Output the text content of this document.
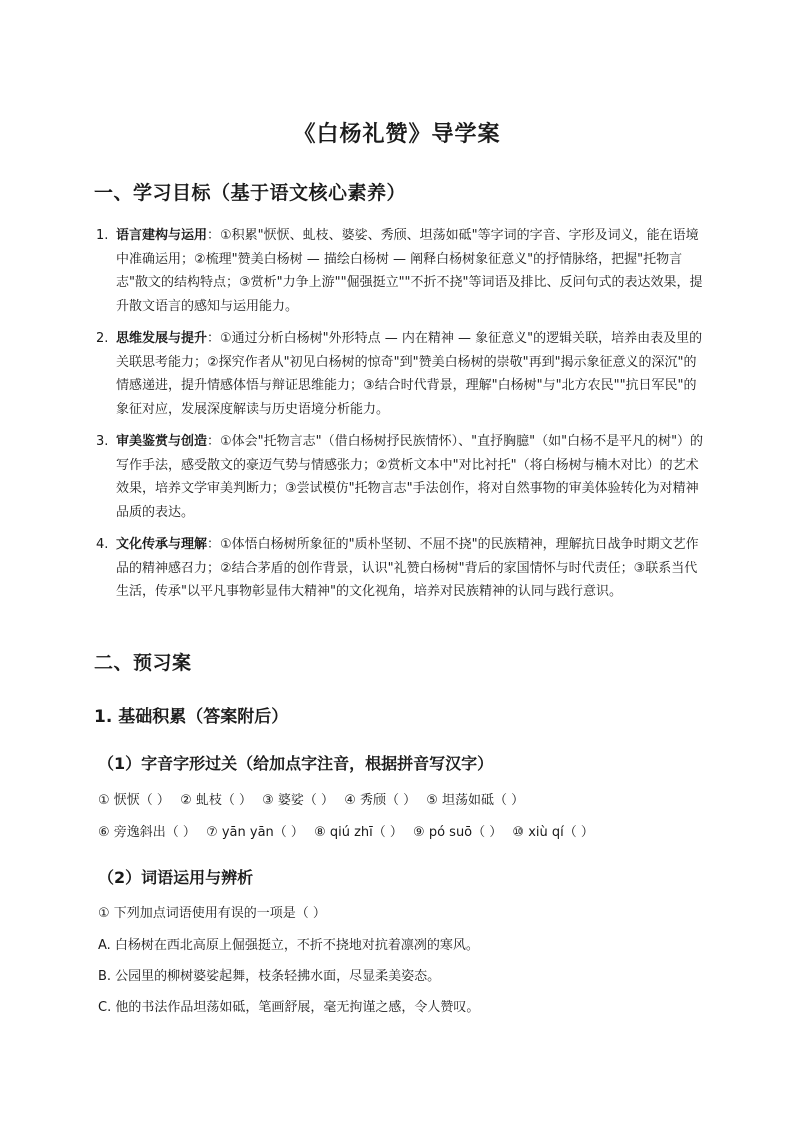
《白杨礼赞》导学案
一、学习目标（基于语文核心素养）
1. 语言建构与运用：①积累"恹恹、虬枝、婆娑、秀颀、坦荡如砥"等字词的字音、字形及词义，能在语境中准确运用；②梳理"赞美白杨树 — 描绘白杨树 — 阐释白杨树象征意义"的抒情脉络，把握"托物言志"散文的结构特点；③赏析"力争上游""倔强挺立""不折不挠"等词语及排比、反问句式的表达效果，提升散文语言的感知与运用能力。
2. 思维发展与提升：①通过分析白杨树"外形特点 — 内在精神 — 象征意义"的逻辑关联，培养由表及里的关联思考能力；②探究作者从"初见白杨树的惊奇"到"赞美白杨树的崇敬"再到"揭示象征意义的深沉"的情感递进，提升情感体悟与辩证思维能力；③结合时代背景，理解"白杨树"与"北方农民""抗日军民"的象征对应，发展深度解读与历史语境分析能力。
3. 审美鉴赏与创造：①体会"托物言志"（借白杨树抒民族情怀）、"直抒胸臆"（如"白杨不是平凡的树"）的写作手法，感受散文的豪迈气势与情感张力；②赏析文本中"对比衬托"（将白杨树与楠木对比）的艺术效果，培养文学审美判断力；③尝试模仿"托物言志"手法创作，将对自然事物的审美体验转化为对精神品质的表达。
4. 文化传承与理解：①体悟白杨树所象征的"质朴坚韧、不屈不挠"的民族精神，理解抗日战争时期文艺作品的精神感召力；②结合茅盾的创作背景，认识"礼赞白杨树"背后的家国情怀与时代责任；③联系当代生活，传承"以平凡事物彰显伟大精神"的文化视角，培养对民族精神的认同与践行意识。
二、预习案
1. 基础积累（答案附后）
（1）字音字形过关（给加点字注音，根据拼音写汉字）
① 恹恹（ ） ② 虬枝（ ） ③ 婆娑（ ） ④ 秀颀（ ） ⑤ 坦荡如砥（ ）
⑥ 旁逸斜出（ ） ⑦ yān yān（ ） ⑧ qiú zhī（ ） ⑨ pó suō（ ） ⑩ xiù qí（ ）
（2）词语运用与辨析
① 下列加点词语使用有误的一项是（ ）
A. 白杨树在西北高原上倔强挺立，不折不挠地对抗着凛冽的寒风。
B. 公园里的柳树婆娑起舞，枝条轻拂水面，尽显柔美姿态。
C. 他的书法作品坦荡如砥，笔画舒展，毫无拘谨之感，令人赞叹。
